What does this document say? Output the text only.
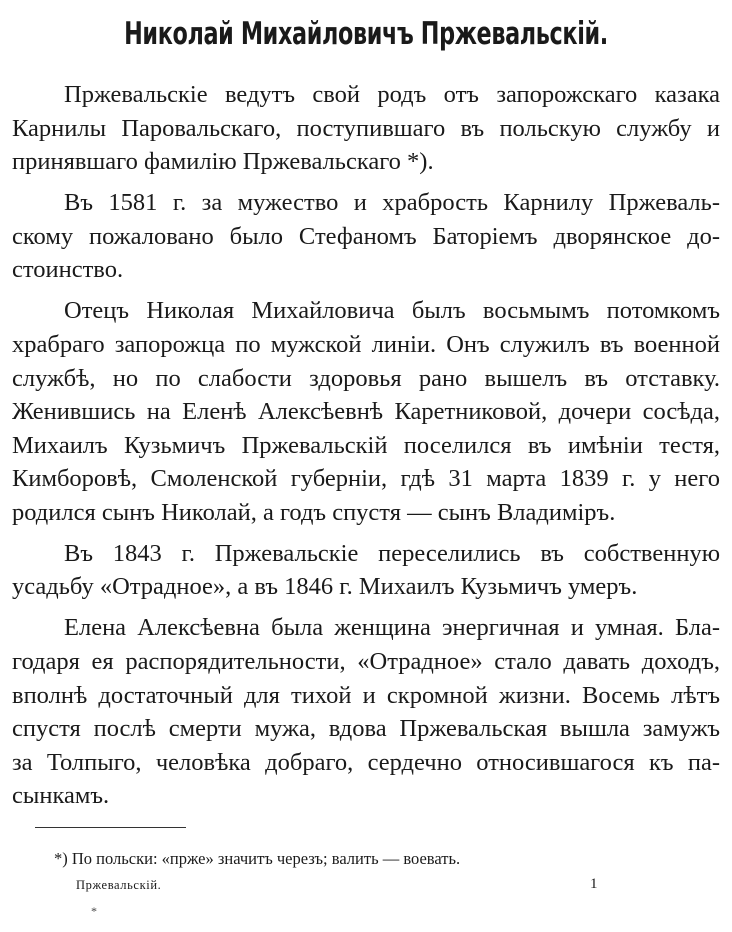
Николай Михайловичъ Пржевальскій.
Пржевальскіе ведутъ свой родъ отъ запорожскаго казака
Карнилы Паровальскаго, поступившаго въ польскую службу и
принявшаго фамилію Пржевальскаго *).
Въ 1581 г. за мужество и храбрость Карнилу Пржеваль-
скому пожаловано было Стефаномъ Баторіемъ дворянское до-
стоинство.
Отецъ Николая Михайловича былъ восьмымъ потомкомъ
храбраго запорожца по мужской линіи. Онъ служилъ въ военной
службѣ, но по слабости здоровья рано вышелъ въ отставку.
Женившись на Еленѣ Алексѣевнѣ Каретниковой, дочери сосѣда,
Михаилъ Кузьмичъ Пржевальскій поселился въ имѣніи тестя,
Кимборовѣ, Смоленской губерніи, гдѣ 31 марта 1839 г. у него
родился сынъ Николай, а годъ спустя — сынъ Владиміръ.
Въ 1843 г. Пржевальскіе переселились въ собственную
усадьбу «Отрадное», а въ 1846 г. Михаилъ Кузьмичъ умеръ.
Елена Алексѣевна была женщина энергичная и умная. Бла-
годаря ея распорядительности, «Отрадное» стало давать доходъ,
вполнѣ достаточный для тихой и скромной жизни. Восемь лѣтъ
спустя послѣ смерти мужа, вдова Пржевальская вышла замужъ
за Толпыго, человѣка добраго, сердечно относившагося къ па-
сынкамъ.
*) По польски: «прже» значитъ черезъ; валить — воевать.
Пржевальскій.	1
*
